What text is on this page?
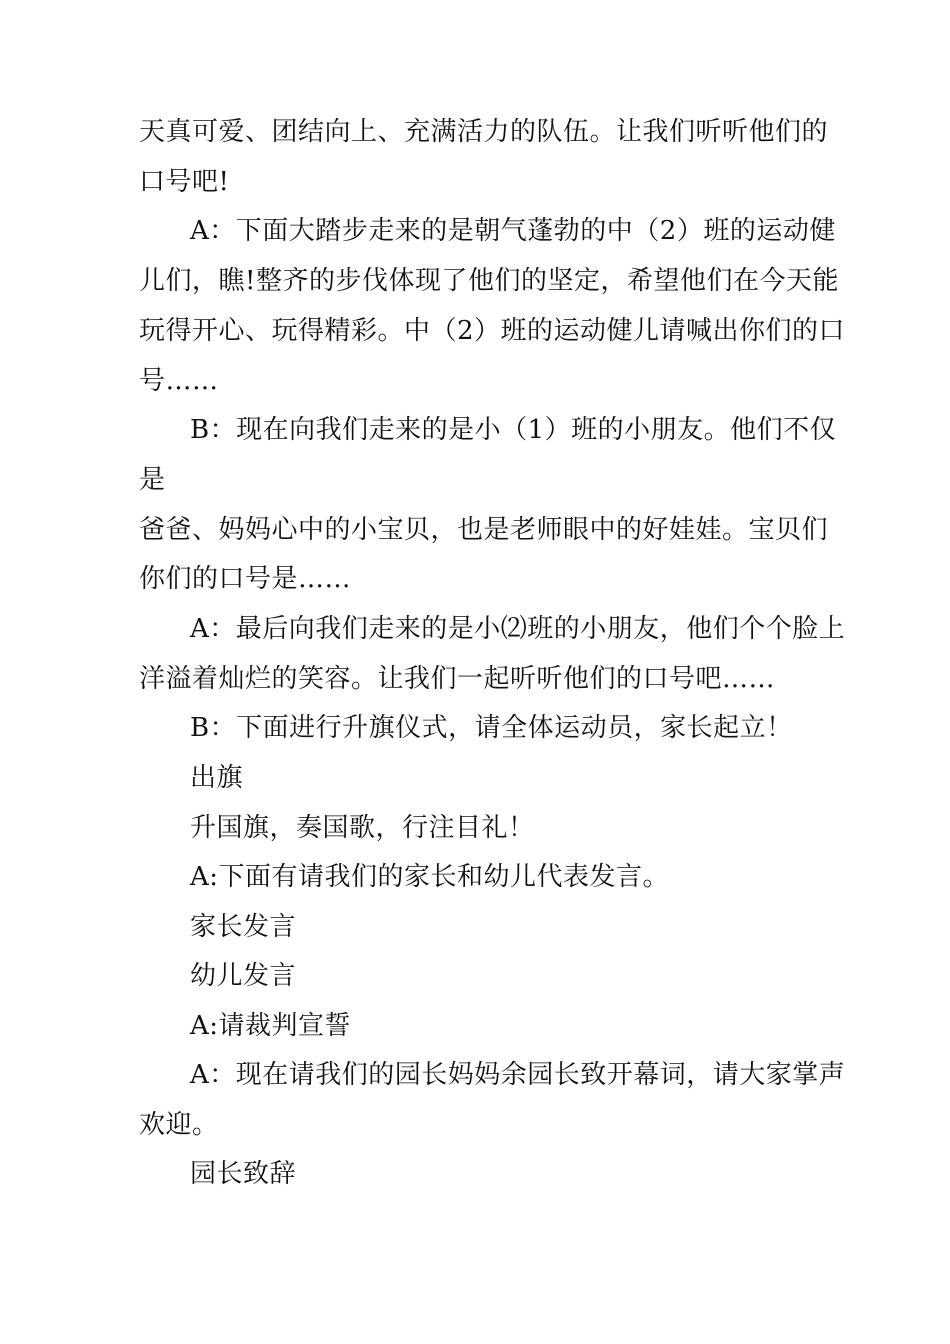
天真可爱、团结向上、充满活力的队伍。让我们听听他们的
口号吧!
A：下面大踏步走来的是朝气蓬勃的中（2）班的运动健
儿们，瞧!整齐的步伐体现了他们的坚定，希望他们在今天能
玩得开心、玩得精彩。中（2）班的运动健儿请喊出你们的口
号……
B：现在向我们走来的是小（1）班的小朋友。他们不仅
是
爸爸、妈妈心中的小宝贝，也是老师眼中的好娃娃。宝贝们
你们的口号是……
A：最后向我们走来的是小⑵班的小朋友，他们个个脸上
洋溢着灿烂的笑容。让我们一起听听他们的口号吧……
B：下面进行升旗仪式，请全体运动员，家长起立！
出旗
升国旗，奏国歌，行注目礼！
A:下面有请我们的家长和幼儿代表发言。
家长发言
幼儿发言
A:请裁判宣誓
A：现在请我们的园长妈妈余园长致开幕词，请大家掌声
欢迎。
园长致辞
